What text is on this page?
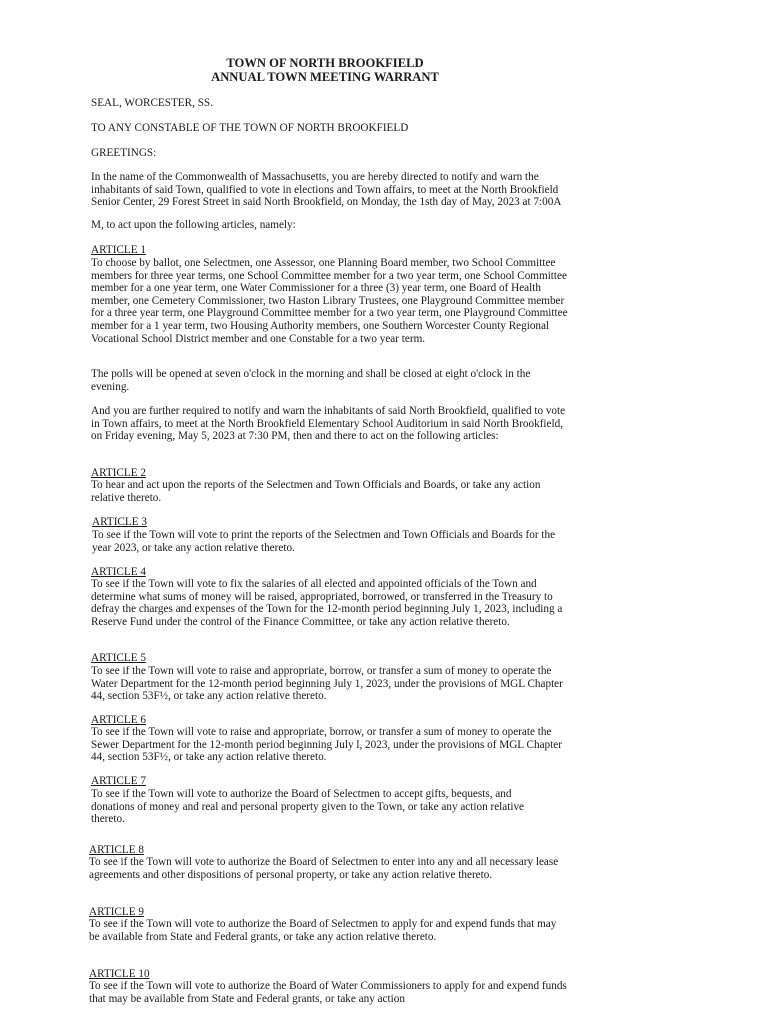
TOWN OF NORTH BROOKFIELD
ANNUAL TOWN MEETING WARRANT

SEAL, WORCESTER, SS.

TO ANY CONSTABLE OF THE TOWN OF NORTH BROOKFIELD

GREETINGS:

In the name of the Commonwealth of Massachusetts, you are hereby directed to notify and warn the inhabitants of said Town, qualified to vote in elections and Town affairs, to meet at the North Brookfield Senior Center, 29 Forest Street in said North Brookfield, on Monday, the 1sth day of May, 2023 at 7:00A

M, to act upon the following articles, namely:

ARTICLE 1

To choose by ballot, one Selectmen, one Assessor, one Planning Board member, two School Committee members for three year terms, one School Committee member for a two year term, one School Committee member for a one year term, one Water Commissioner for a three (3) year term, one Board of Health member, one Cemetery Commissioner, two Haston Library Trustees, one Playground Committee member for a three year term, one Playground Committee member for a two year term, one Playground Committee member for a 1 year term, two Housing Authority members, one Southern Worcester County Regional Vocational School District member and one Constable for a two year term.

The polls will be opened at seven o'clock in the morning and shall be closed at eight o'clock in the evening.

And you are further required to notify and warn the inhabitants of said North Brookfield, qualified to vote in Town affairs, to meet at the North Brookfield Elementary School Auditorium in said North Brookfield, on Friday evening, May 5, 2023 at 7:30 PM, then and there to act on the following articles:

ARTICLE 2

To hear and act upon the reports of the Selectmen and Town Officials and Boards, or take any action relative thereto.

ARTICLE 3

To see if the Town will vote to print the reports of the Selectmen and Town Officials and Boards for the year 2023, or take any action relative thereto.

ARTICLE 4

To see if the Town will vote to fix the salaries of all elected and appointed officials of the Town and determine what sums of money will be raised, appropriated, borrowed, or transferred in the Treasury to defray the charges and expenses of the Town for the 12-month period beginning July 1, 2023, including a Reserve Fund under the control of the Finance Committee, or take any action relative thereto.

ARTICLE 5

To see if the Town will vote to raise and appropriate, borrow, or transfer a sum of money to operate the Water Department for the 12-month period beginning July 1, 2023, under the provisions of MGL Chapter 44, section 53F½, or take any action relative thereto.

ARTICLE 6

To see if the Town will vote to raise and appropriate, borrow, or transfer a sum of money to operate the Sewer Department for the 12-month period beginning July l, 2023, under the provisions of MGL Chapter 44, section 53F½, or take any action relative thereto.

ARTICLE 7

To see if the Town will vote to authorize the Board of Selectmen to accept gifts, bequests, and donations of money and real and personal property given to the Town, or take any action relative thereto.

ARTICLE 8

To see if the Town will vote to authorize the Board of Selectmen to enter into any and all necessary lease agreements and other dispositions of personal property, or take any action relative thereto.

ARTICLE 9

To see if the Town will vote to authorize the Board of Selectmen to apply for and expend funds that may be available from State and Federal grants, or take any action relative thereto.

ARTICLE 10

To see if the Town will vote to authorize the Board of Water Commissioners to apply for and expend funds that may be available from State and Federal grants, or take any action
